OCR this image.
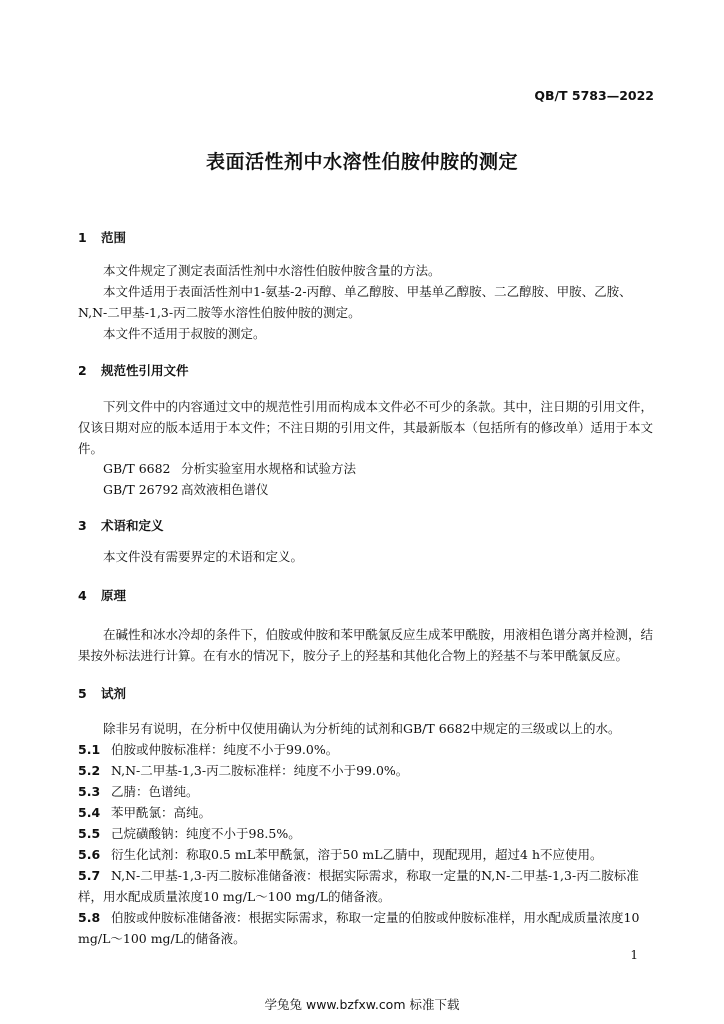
QB/T 5783—2022
表面活性剂中水溶性伯胺仲胺的测定
1 范围
本文件规定了测定表面活性剂中水溶性伯胺仲胺含量的方法。
本文件适用于表面活性剂中1-氨基-2-丙醇、单乙醇胺、甲基单乙醇胺、二乙醇胺、甲胺、乙胺、
N,N-二甲基-1,3-丙二胺等水溶性伯胺仲胺的测定。
本文件不适用于叔胺的测定。
2 规范性引用文件
下列文件中的内容通过文中的规范性引用而构成本文件必不可少的条款。其中，注日期的引用文件，仅该日期对应的版本适用于本文件；不注日期的引用文件，其最新版本（包括所有的修改单）适用于本文件。
GB/T 6682 分析实验室用水规格和试验方法
GB/T 26792 高效液相色谱仪
3 术语和定义
本文件没有需要界定的术语和定义。
4 原理
在碱性和冰水冷却的条件下，伯胺或仲胺和苯甲酰氯反应生成苯甲酰胺，用液相色谱分离并检测，结果按外标法进行计算。在有水的情况下，胺分子上的羟基和其他化合物上的羟基不与苯甲酰氯反应。
5 试剂
除非另有说明，在分析中仅使用确认为分析纯的试剂和GB/T 6682中规定的三级或以上的水。
5.1 伯胺或仲胺标准样：纯度不小于99.0%。
5.2 N,N-二甲基-1,3-丙二胺标准样：纯度不小于99.0%。
5.3 乙腈：色谱纯。
5.4 苯甲酰氯：高纯。
5.5 己烷磺酸钠：纯度不小于98.5%。
5.6 衍生化试剂：称取0.5 mL苯甲酰氯，溶于50 mL乙腈中，现配现用，超过4 h不应使用。
5.7 N,N-二甲基-1,3-丙二胺标准储备液：根据实际需求，称取一定量的N,N-二甲基-1,3-丙二胺标准样，用水配成质量浓度10 mg/L～100 mg/L的储备液。
5.8 伯胺或仲胺标准储备液：根据实际需求，称取一定量的伯胺或仲胺标准样，用水配成质量浓度10 mg/L～100 mg/L的储备液。
1
学兔兔 www.bzfxw.com 标准下载
